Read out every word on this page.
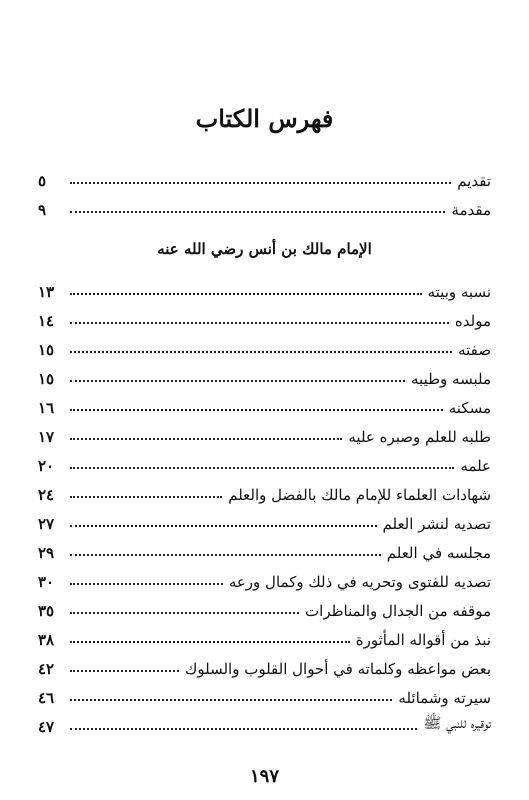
فهرس الكتاب
تقديم
٥
مقدمة
٩
الإمام مالك بن أنس رضي الله عنه
نسبه وبيته
١٣
مولده
١٤
صفته
١٥
ملبسه وطيبه
١٥
مسكنه
١٦
طلبه للعلم وصبره عليه
١٧
علمه
٢٠
شهادات العلماء للإمام مالك بالفضل والعلم
٢٤
تصديه لنشر العلم
٢٧
مجلسه في العلم
٢٩
تصديه للفتوى وتحريه في ذلك وكمال ورعه
٣٠
موقفه من الجدال والمناظرات
٣٥
نبذ من أقواله المأثورة
٣٨
بعض مواعظه وكلماته في أحوال القلوب والسلوك
٤٢
سيرته وشمائله
٤٦
توقيره للنبي ﷺ
٤٧
١٩٧
